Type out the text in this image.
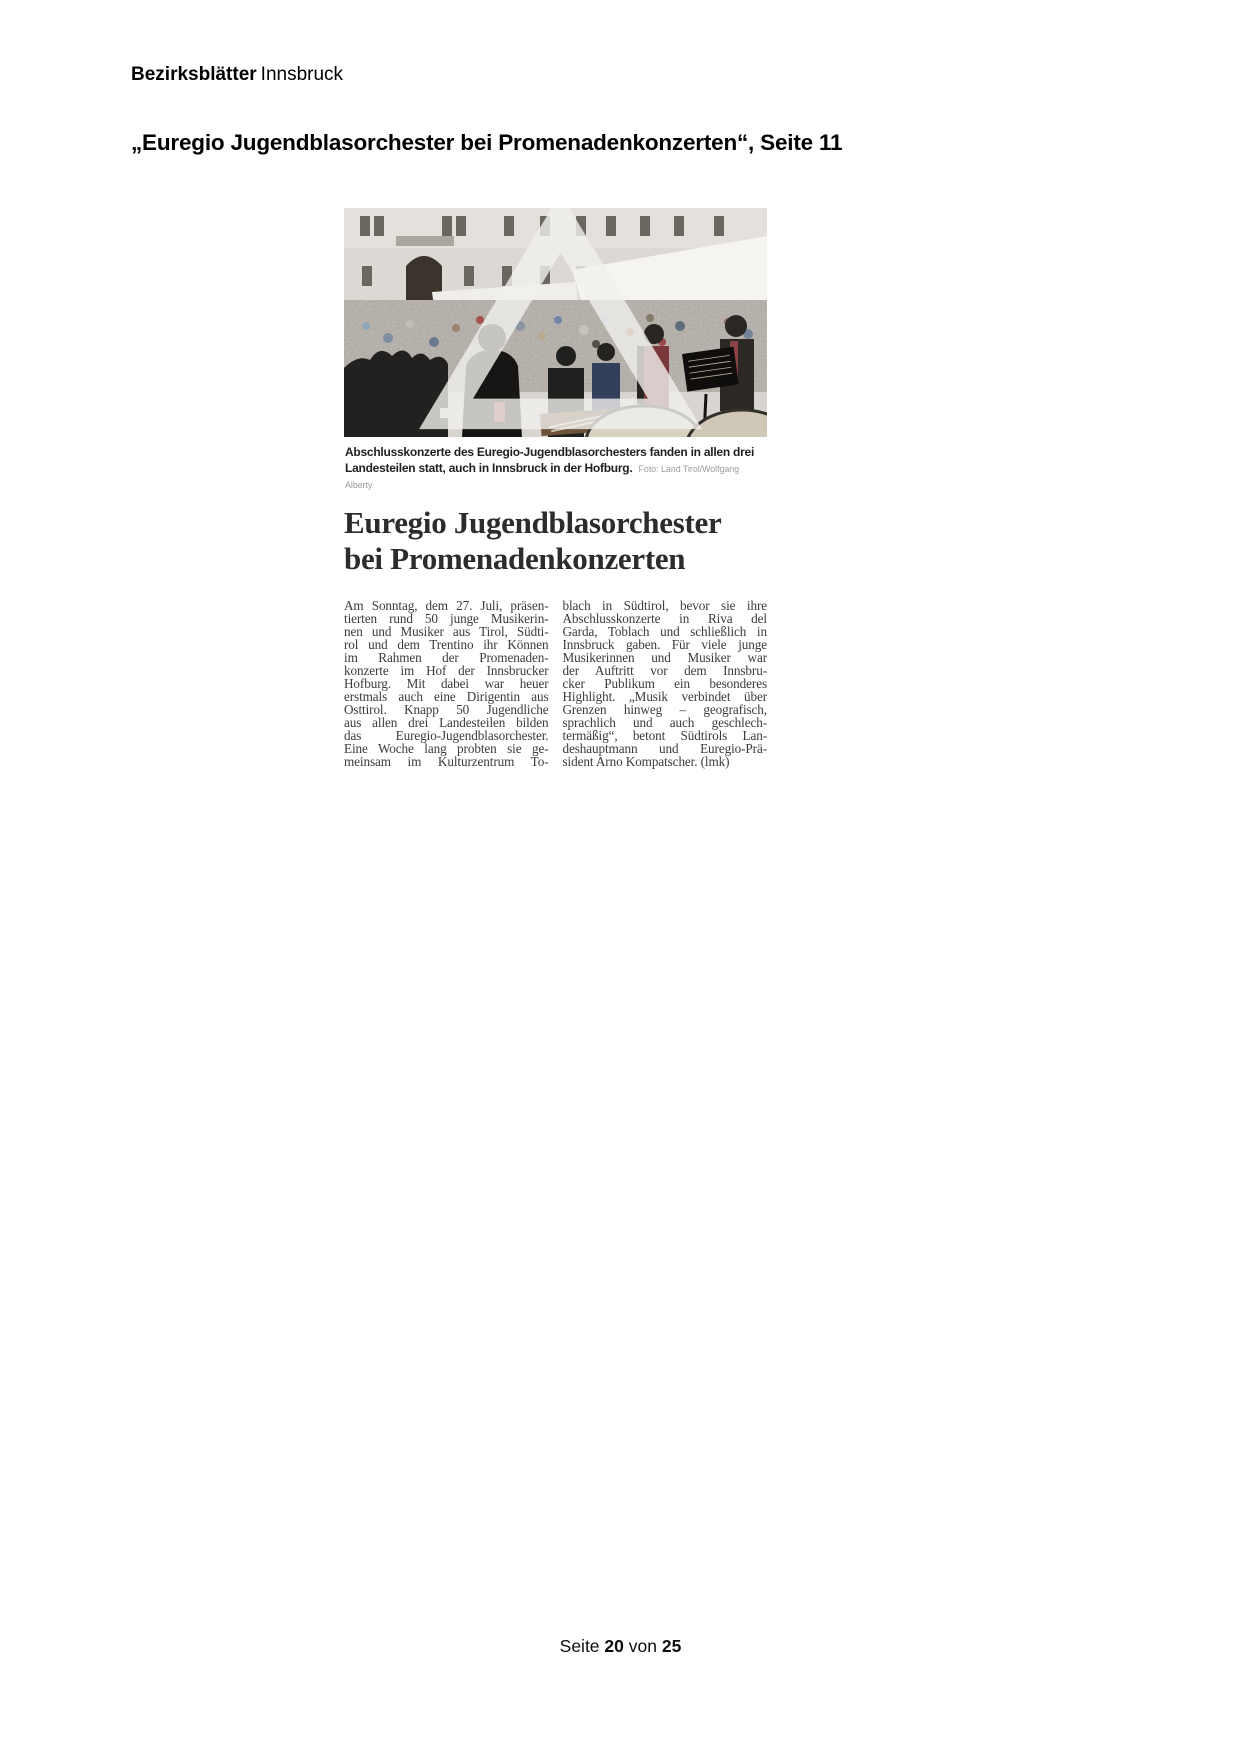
Bezirksblätter Innsbruck
„Euregio Jugendblasorchester bei Promenadenkonzerten“, Seite 11

Abschlusskonzerte des Euregio-Jugendblasorchesters fanden in allen drei Landesteilen statt, auch in Innsbruck in der Hofburg. Foto: Land Tirol/Wolfgang Alberty

Euregio Jugendblasorchester
bei Promenadenkonzerten
Am Sonntag, dem 27. Juli, präsen-
tierten rund 50 junge Musikerin-
nen und Musiker aus Tirol, Südti-
rol und dem Trentino ihr Können
im Rahmen der Promenaden-
konzerte im Hof der Innsbrucker
Hofburg. Mit dabei war heuer
erstmals auch eine Dirigentin aus
Osttirol. Knapp 50 Jugendliche
aus allen drei Landesteilen bilden
das Euregio-Jugendblasorchester.
Eine Woche lang probten sie ge-
meinsam im Kulturzentrum To-
blach in Südtirol, bevor sie ihre
Abschlusskonzerte in Riva del
Garda, Toblach und schließlich in
Innsbruck gaben. Für viele junge
Musikerinnen und Musiker war
der Auftritt vor dem Innsbru-
cker Publikum ein besonderes
Highlight. „Musik verbindet über
Grenzen hinweg – geografisch,
sprachlich und auch geschlech-
termäßig“, betont Südtirols Lan-
deshauptmann und Euregio-Prä-
sident Arno Kompatscher. (lmk)
Seite 20 von 25
